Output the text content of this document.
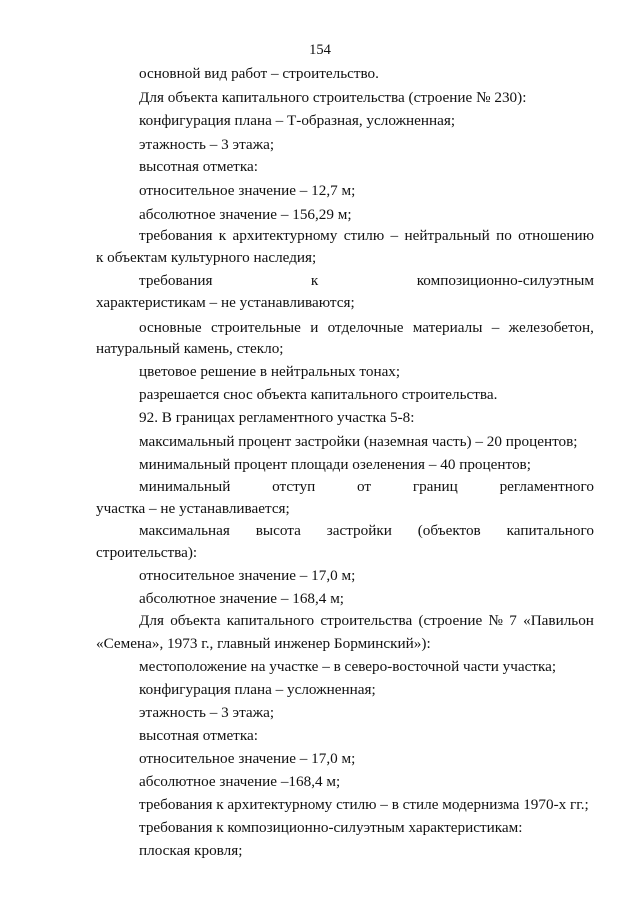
154
основной вид работ – строительство.
Для объекта капитального строительства (строение № 230):
конфигурация плана – Т-образная, усложненная;
этажность – 3 этажа;
высотная отметка:
относительное значение – 12,7 м;
абсолютное значение – 156,29 м;
требования к архитектурному стилю – нейтральный по отношению
к объектам культурного наследия;
требования	к	композиционно-силуэтным
характеристикам – не устанавливаются;
основные строительные и отделочные материалы – железобетон,
натуральный камень, стекло;
цветовое решение в нейтральных тонах;
разрешается снос объекта капитального строительства.
92. В границах регламентного участка 5-8:
максимальный процент застройки (наземная часть) – 20 процентов;
минимальный процент площади озеленения – 40 процентов;
минимальный	отступ	от	границ	регламентного
участка – не устанавливается;
максимальная высота застройки (объектов капитального
строительства):
относительное значение – 17,0 м;
абсолютное значение – 168,4 м;
Для объекта капитального строительства (строение № 7 «Павильон
«Семена», 1973 г., главный инженер Борминский»):
местоположение на участке – в северо-восточной части участка;
конфигурация плана – усложненная;
этажность – 3 этажа;
высотная отметка:
относительное значение – 17,0 м;
абсолютное значение –168,4 м;
требования к архитектурному стилю – в стиле модернизма 1970-х гг.;
требования к композиционно-силуэтным характеристикам:
плоская кровля;
